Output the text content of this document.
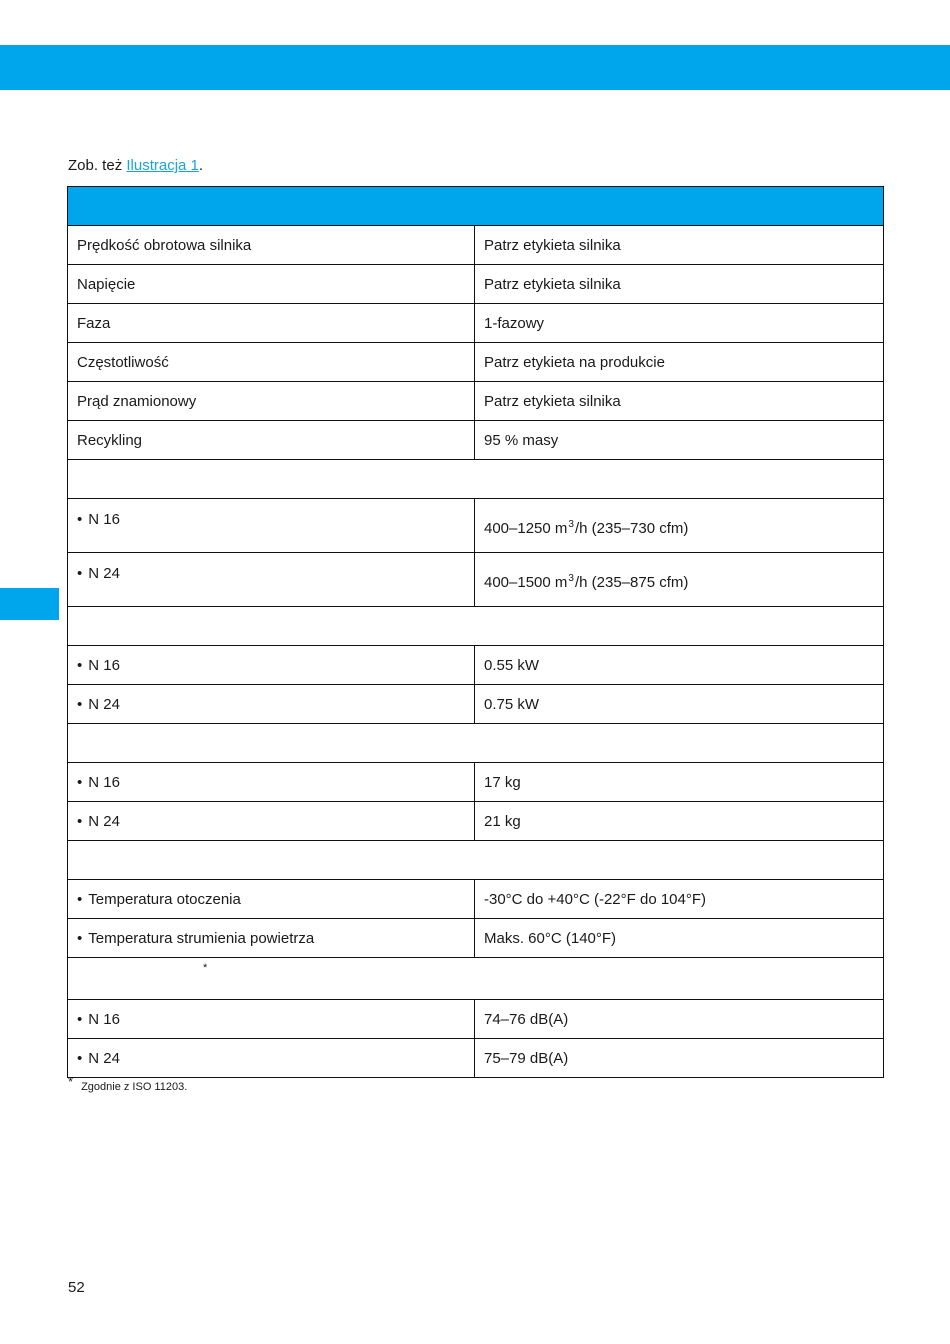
Zob. też Ilustracja 1.

Prędkość obrotowa silnika	Patrz etykieta silnika
Napięcie	Patrz etykieta silnika
Faza	1-fazowy
Częstotliwość	Patrz etykieta na produkcie
Prąd znamionowy	Patrz etykieta silnika
Recykling	95 % masy

• N 16	400–1250 $m^3/h$ (235–730 cfm)
• N 24	400–1500 $m^3/h$ (235–875 cfm)

• N 16	0.55 kW
• N 24	0.75 kW

• N 16	17 kg
• N 24	21 kg

• Temperatura otoczenia	-30°C do +40°C (-22°F do 104°F)
• Temperatura strumienia powietrza	Maks. 60°C (140°F)

*	

• N 16	74–76 dB(A)
• N 24	75–79 dB(A)
* Zgodnie z ISO 11203.
52
